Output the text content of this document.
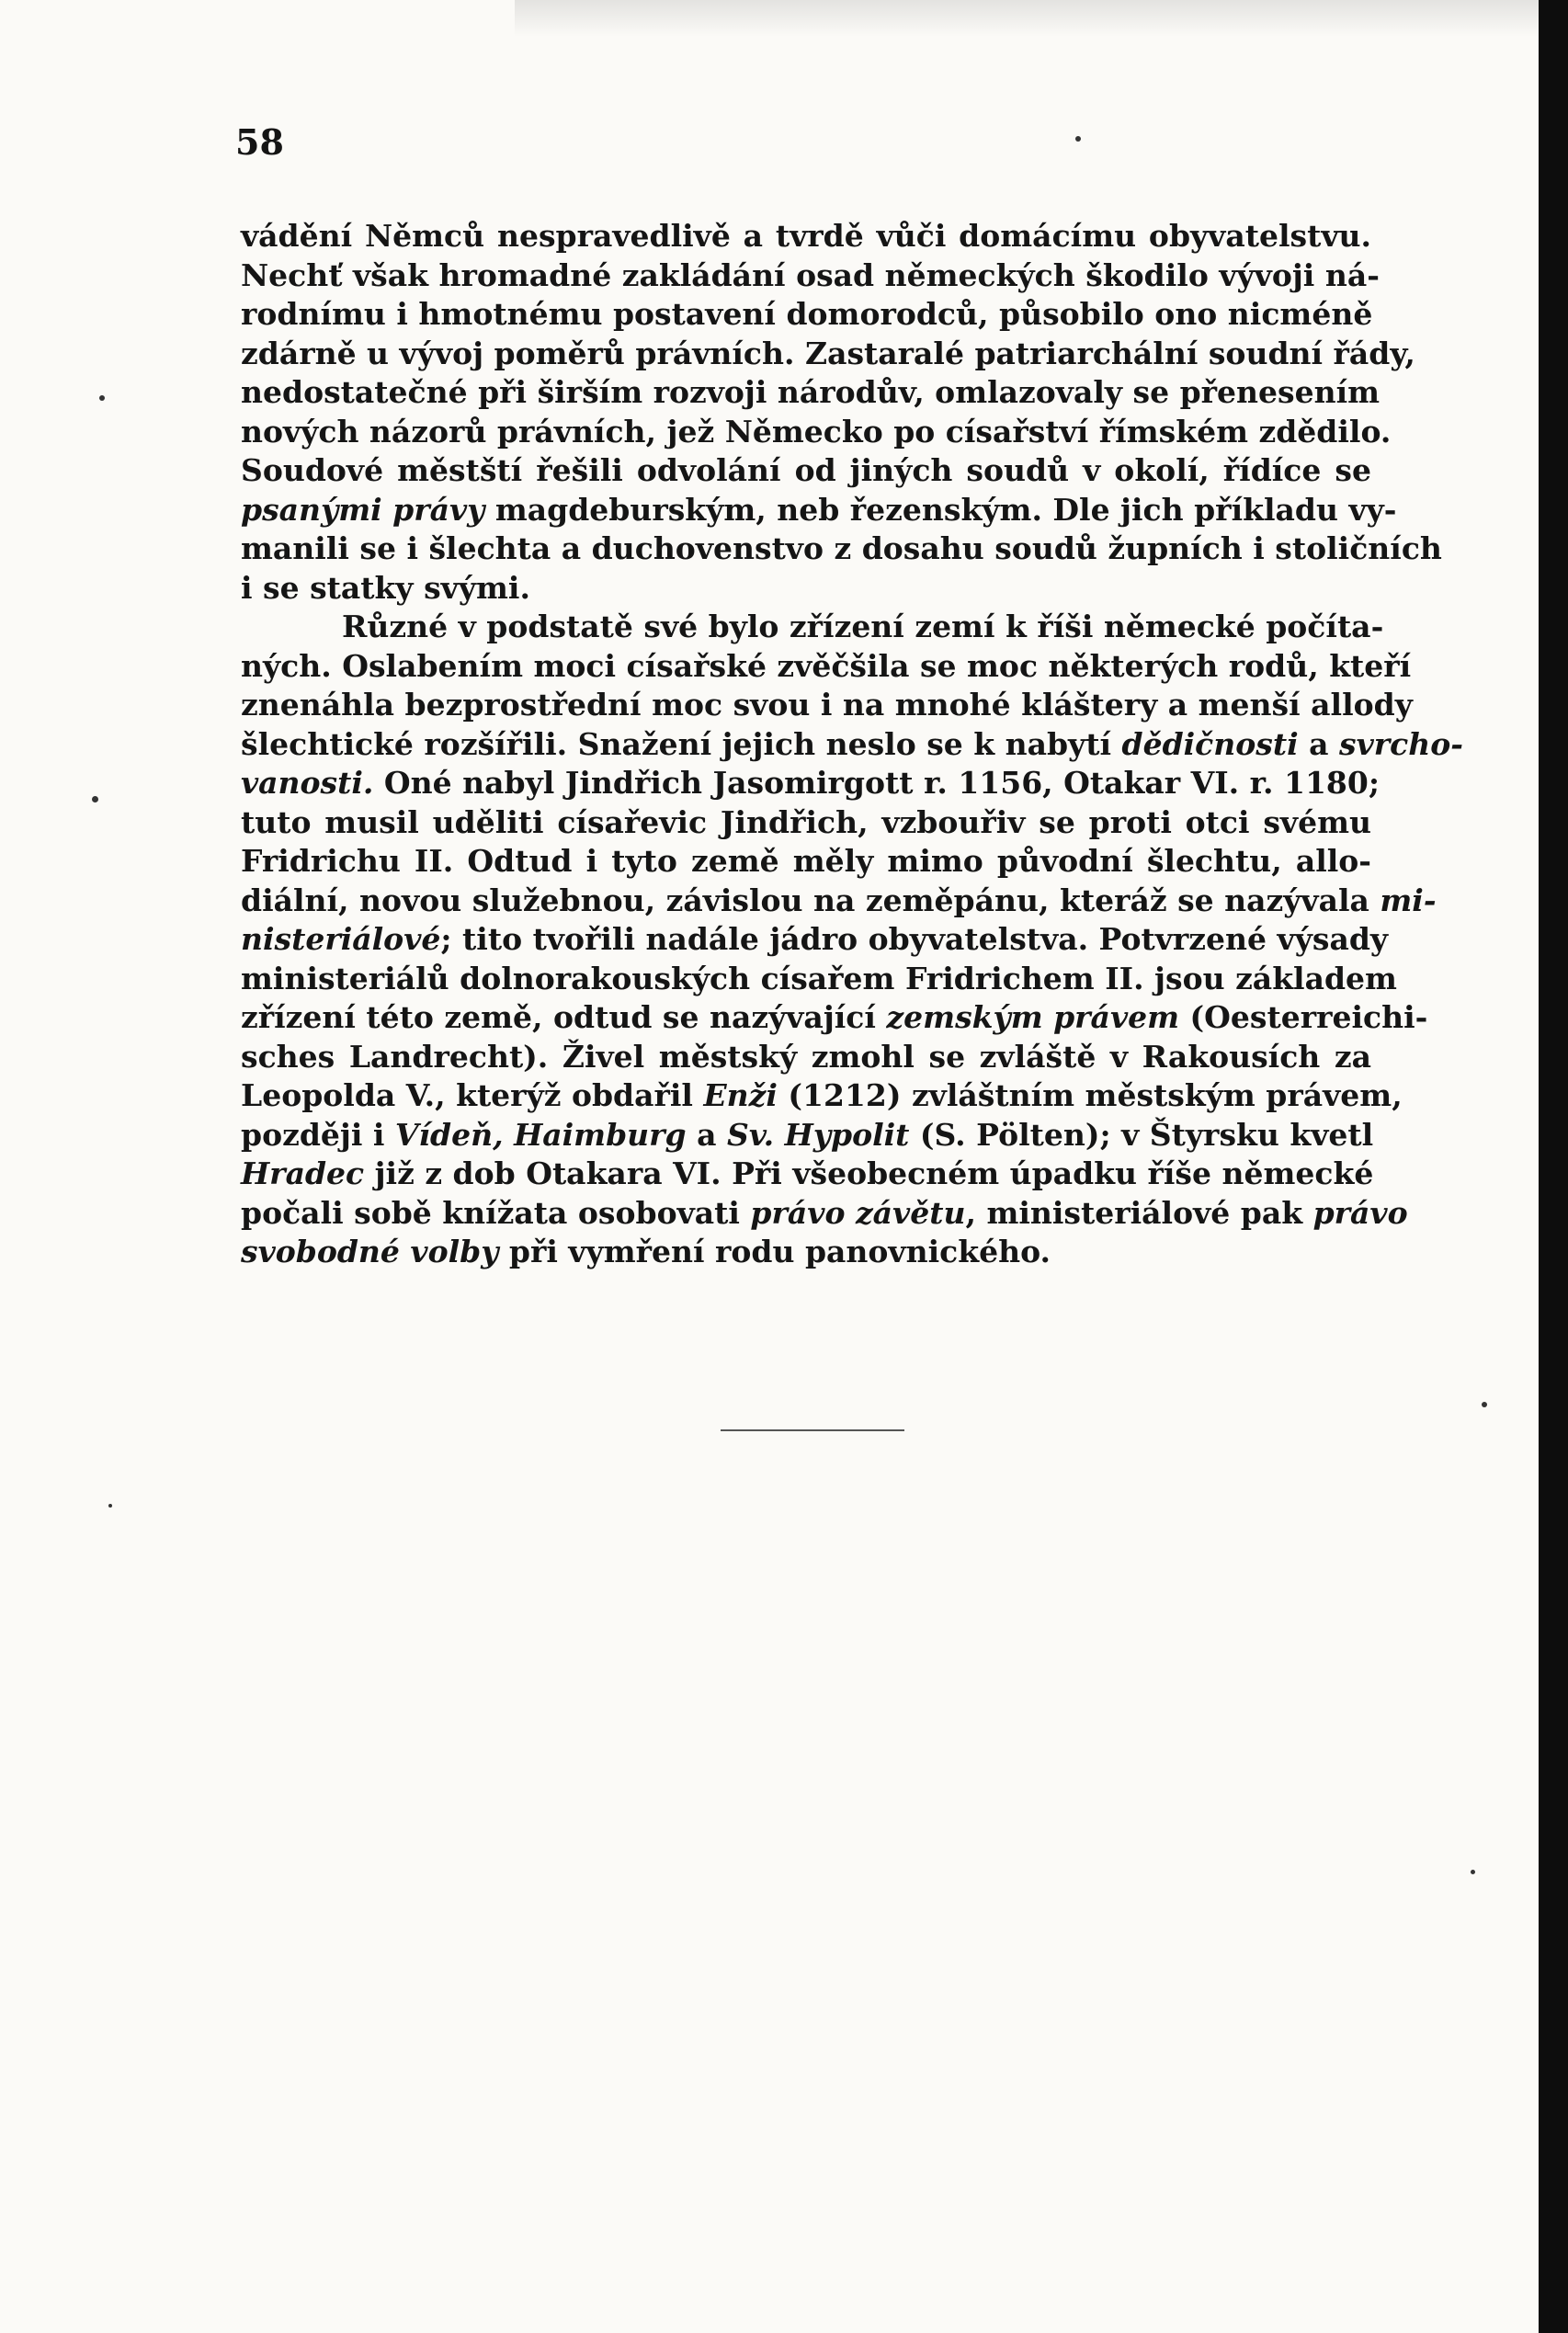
58
vádění Němců nespravedlivě a tvrdě vůči domácímu obyvatelstvu.
Nechť však hromadné zakládání osad německých škodilo vývoji ná-
rodnímu i hmotnému postavení domorodců, působilo ono nicméně
zdárně u vývoj poměrů právních. Zastaralé patriarchální soudní řády,
nedostatečné při širším rozvoji národův, omlazovaly se přenesením
nových názorů právních, jež Německo po císařství římském zdědilo.
Soudové městští řešili odvolání od jiných soudů v okolí, řídíce se
psanými právy magdeburským, neb řezenským. Dle jich příkladu vy-
manili se i šlechta a duchovenstvo z dosahu soudů župních i stoličních
i se statky svými.
Různé v podstatě své bylo zřízení zemí k říši německé počíta-
ných. Oslabením moci císařské zvěčšila se moc některých rodů, kteří
znenáhla bezprostřední moc svou i na mnohé kláštery a menší allody
šlechtické rozšířili. Snažení jejich neslo se k nabytí dědičnosti a svrcho-
vanosti. Oné nabyl Jindřich Jasomirgott r. 1156, Otakar VI. r. 1180;
tuto musil uděliti císařevic Jindřich, vzbouřiv se proti otci svému
Fridrichu II. Odtud i tyto země měly mimo původní šlechtu, allo-
diální, novou služebnou, závislou na zeměpánu, kteráž se nazývala mi-
nisteriálové; tito tvořili nadále jádro obyvatelstva. Potvrzené výsady
ministeriálů dolnorakouských císařem Fridrichem II. jsou základem
zřízení této země, odtud se nazývající zemským právem (Oesterreichi-
sches Landrecht). Živel městský zmohl se zvláště v Rakousích za
Leopolda V., kterýž obdařil Enži (1212) zvláštním městským právem,
později i Vídeň, Haimburg a Sv. Hypolit (S. Pölten); v Štyrsku kvetl
Hradec již z dob Otakara VI. Při všeobecném úpadku říše německé
počali sobě knížata osobovati právo závětu, ministeriálové pak právo
svobodné volby při vymření rodu panovnického.
